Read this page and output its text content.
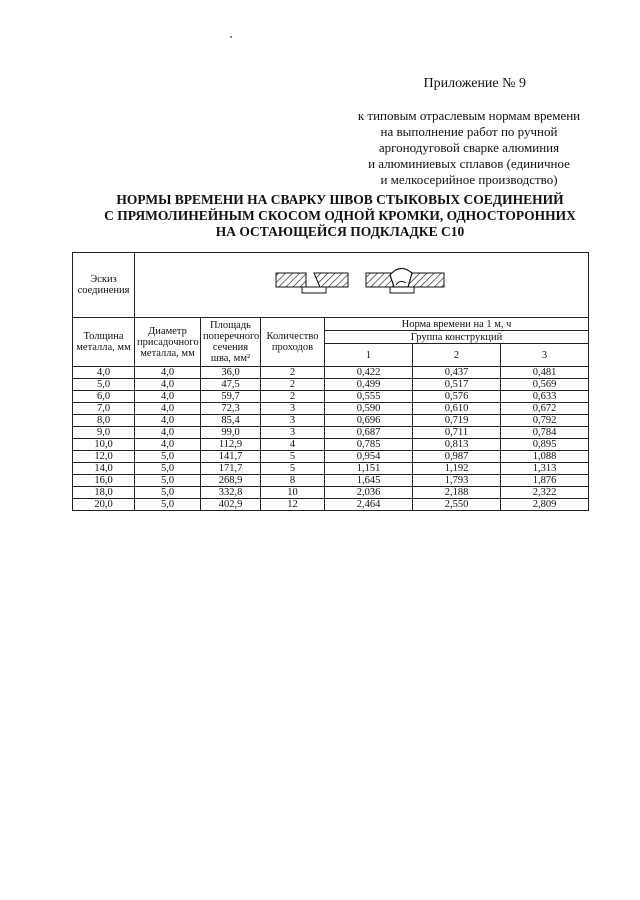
Приложение № 9
к типовым отраслевым нормам времени
на выполнение работ по ручной
аргонодуговой сварке алюминия
и алюминиевых сплавов (единичное
и мелкосерийное производство)
НОРМЫ ВРЕМЕНИ НА СВАРКУ ШВОВ СТЫКОВЫХ СОЕДИНЕНИЙ
С ПРЯМОЛИНЕЙНЫМ СКОСОМ ОДНОЙ КРОМКИ, ОДНОСТОРОННИХ
НА ОСТАЮЩЕЙСЯ ПОДКЛАДКЕ С10
Эскиз соединения	

Толщина металла, мм	Диаметр присадочного металла, мм	Площадь поперечного сечения шва, мм²	Количество проходов	Норма времени на 1 м, ч		
				Группа конструкций		
				1	2	3
4,0	4,0	36,0	2	0,422	0,437	0,481
5,0	4,0	47,5	2	0,499	0,517	0,569
6,0	4,0	59,7	2	0,555	0,576	0,633
7,0	4,0	72,3	3	0,590	0,610	0,672
8,0	4,0	85,4	3	0,696	0,719	0,792
9,0	4,0	99,0	3	0,687	0,711	0,784
10,0	4,0	112,9	4	0,785	0,813	0,895
12,0	5,0	141,7	5	0,954	0,987	1,088
14,0	5,0	171,7	5	1,151	1,192	1,313
16,0	5,0	268,9	8	1,645	1,793	1,876
18,0	5,0	332,8	10	2,036	2,188	2,322
20,0	5,0	402,9	12	2,464	2,550	2,809
